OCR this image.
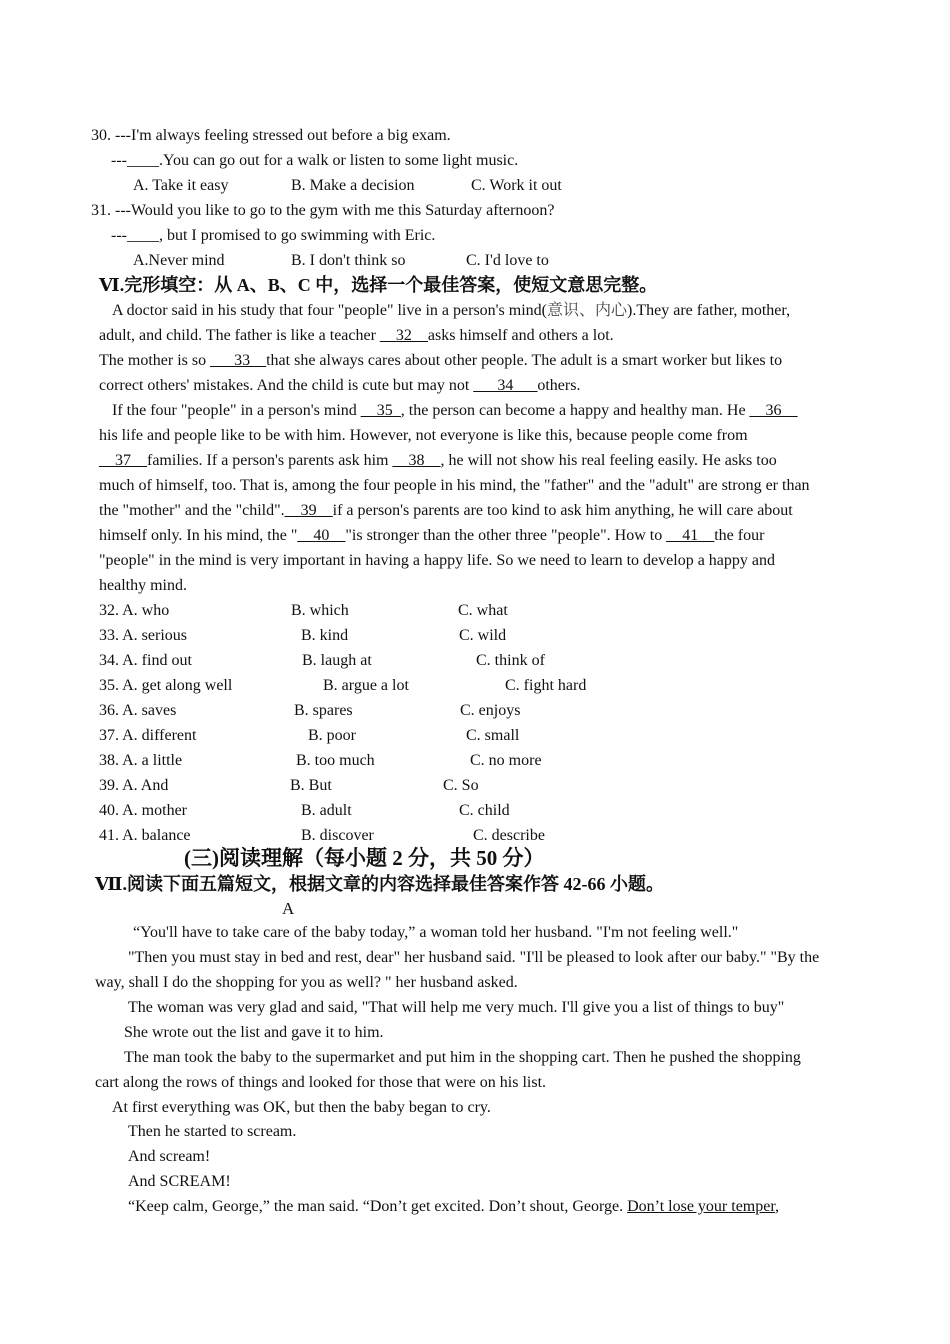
30. ---I'm always feeling stressed out before a big exam.
---____.You can go out for a walk or listen to some light music.
A. Take it easy	B. Make a decision	C. Work it out
31. ---Would you like to go to the gym with me this Saturday afternoon?
---____, but I promised to go swimming with Eric.
A.Never mind	B. I don't think so	C. I'd love to
Ⅵ.完形填空：从 A、B、C 中，选择一个最佳答案，使短文意思完整。
A doctor said in his study that four "people" live in a person's mind(意识、内心).They are father, mother,
adult, and child. The father is like a teacher __32__asks himself and others a lot.
The mother is so ___33__that she always cares about other people. The adult is a smart worker but likes to
correct others' mistakes. And the child is cute but may not ___34___others.
If the four "people" in a person's mind __35_, the person can become a happy and healthy man. He __36__
his life and people like to be with him. However, not everyone is like this, because people come from
__37__families. If a person's parents ask him __38__, he will not show his real feeling easily. He asks too
much of himself, too. That is, among the four people in his mind, the "father" and the "adult" are strong er than
the "mother" and the "child".__39__if a person's parents are too kind to ask him anything, he will care about
himself only. In his mind, the "__40__"is stronger than the other three "people". How to __41__the four
"people" in the mind is very important in having a happy life. So we need to learn to develop a happy and
healthy mind.
32. A. who	B. which	C. what
33. A. serious	B. kind	C. wild
34. A. find out	B. laugh at	C. think of
35. A. get along well	B. argue a lot	C. fight hard
36. A. saves	B. spares	C. enjoys
37. A. different	B. poor	C. small
38. A. a little	B. too much	C. no more
39. A. And	B. But	C. So
40. A. mother	B. adult	C. child
41. A. balance	B. discover	C. describe
(三)阅读理解（每小题 2 分，共 50 分）
Ⅶ.阅读下面五篇短文，根据文章的内容选择最佳答案作答 42-66 小题。
A
“You'll have to take care of the baby today,” a woman told her husband. "I'm not feeling well."
"Then you must stay in bed and rest, dear" her husband said. "I'll be pleased to look after our baby." "By the
way, shall I do the shopping for you as well? " her husband asked.
The woman was very glad and said, "That will help me very much. I'll give you a list of things to buy"
She wrote out the list and gave it to him.
The man took the baby to the supermarket and put him in the shopping cart. Then he pushed the shopping
cart along the rows of things and looked for those that were on his list.
At first everything was OK, but then the baby began to cry.
Then he started to scream.
And scream!
And SCREAM!
“Keep calm, George,” the man said. “Don’t get excited. Don’t shout, George. Don’t lose your temper,
